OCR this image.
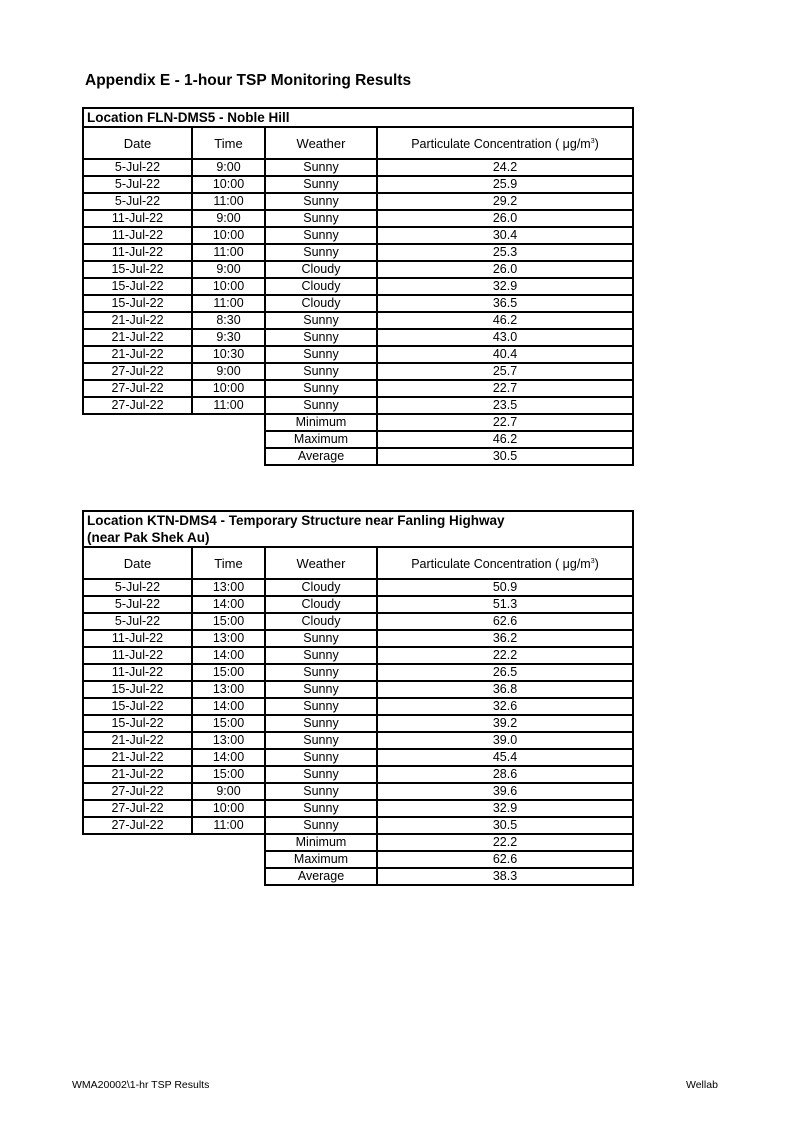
Appendix E - 1-hour TSP Monitoring Results
Location FLN-DMS5 - Noble Hill			
Date	Time	Weather	Particulate Concentration ( $\mu g/m^3$)
5-Jul-22	9:00	Sunny	24.2
5-Jul-22	10:00	Sunny	25.9
5-Jul-22	11:00	Sunny	29.2
11-Jul-22	9:00	Sunny	26.0
11-Jul-22	10:00	Sunny	30.4
11-Jul-22	11:00	Sunny	25.3
15-Jul-22	9:00	Cloudy	26.0
15-Jul-22	10:00	Cloudy	32.9
15-Jul-22	11:00	Cloudy	36.5
21-Jul-22	8:30	Sunny	46.2
21-Jul-22	9:30	Sunny	43.0
21-Jul-22	10:30	Sunny	40.4
27-Jul-22	9:00	Sunny	25.7
27-Jul-22	10:00	Sunny	22.7
27-Jul-22	11:00	Sunny	23.5
		Minimum	22.7
		Maximum	46.2
		Average	30.5
Location KTN-DMS4 - Temporary Structure near Fanling Highway
(near Pak Shek Au)			

Date	Time	Weather	Particulate Concentration ( $\mu g/m^3$)
5-Jul-22	13:00	Cloudy	50.9
5-Jul-22	14:00	Cloudy	51.3
5-Jul-22	15:00	Cloudy	62.6
11-Jul-22	13:00	Sunny	36.2
11-Jul-22	14:00	Sunny	22.2
11-Jul-22	15:00	Sunny	26.5
15-Jul-22	13:00	Sunny	36.8
15-Jul-22	14:00	Sunny	32.6
15-Jul-22	15:00	Sunny	39.2
21-Jul-22	13:00	Sunny	39.0
21-Jul-22	14:00	Sunny	45.4
21-Jul-22	15:00	Sunny	28.6
27-Jul-22	9:00	Sunny	39.6
27-Jul-22	10:00	Sunny	32.9
27-Jul-22	11:00	Sunny	30.5
		Minimum	22.2
		Maximum	62.6
		Average	38.3
WMA20002\1-hr TSP Results	Wellab
